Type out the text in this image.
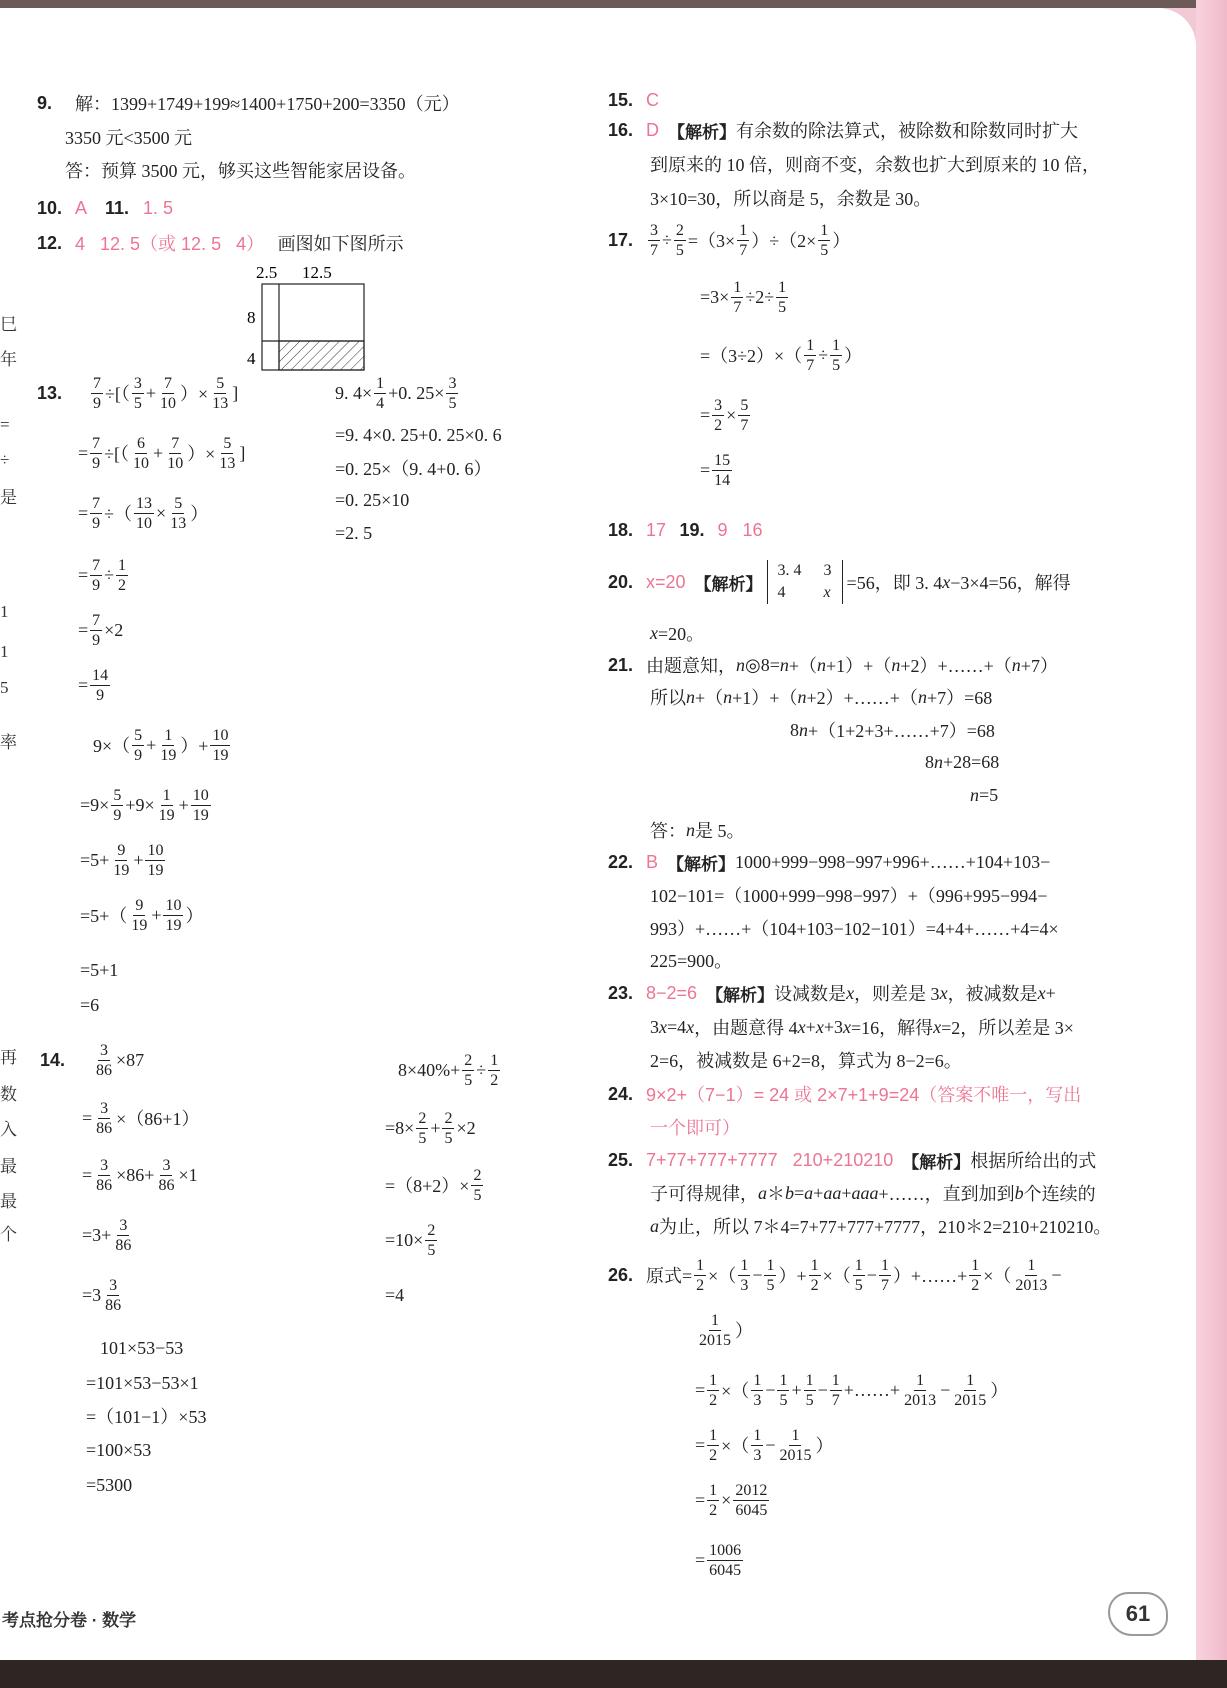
巳
年
=
÷
是
1
1
5
率
再
数
入
最
最
个
9.	解：1399+1749+199≈1400+1750+200=3350（元）
3350 元<3500 元
答：预算 3500 元，够买这些智能家居设备。
10. A
11. 1. 5
12. 4   12. 5（或 12. 5   4） 画图如下图所示
2.5 12.5
8
4
13.	$\frac{7}{9}$ ÷[（ $\frac{3}{5} + \frac{7}{10}$ ）× $\frac{5}{13}$ ]
= $\frac{7}{9}$ ÷[（ $\frac{6}{10} + \frac{7}{10}$ ）× $\frac{5}{13}$ ]
= $\frac{7}{9}$ ÷（ $\frac{13}{10} \times \frac{5}{13}$ ）
= $\frac{7}{9} \div \frac{1}{2}$
= $\frac{7}{9} \times 2$
= $\frac{14}{9}$
$9\times( \frac{5}{9} + \frac{1}{19}$ ）+ $\frac{10}{19}$
$=9\times \frac{5}{9} +9\times \frac{1}{19} + \frac{10}{19}$
$=5+ \frac{9}{19} + \frac{10}{19}$
$=5+( \frac{9}{19} + \frac{10}{19}$ ）
=5+1
=6
9. $4\times \frac{1}{4} +0$. $25\times \frac{3}{5}$
=9. 4×0. 25+0. 25×0. 6
=0. 25×（9. 4+0. 6）
=0. 25×10
=2. 5
14.	$\frac{3}{86} \times 87$
= $\frac{3}{86} \times(86+1)$
= $\frac{3}{86} \times 86+ \frac{3}{86} \times 1$
$=3+ \frac{3}{86}$
$=3 \frac{3}{86}$
101×53−53
=101×53−53×1
=（101−1）×53
=100×53
=5300
$8\times 40\%+ \frac{2}{5} \div \frac{1}{2}$
$=8\times \frac{2}{5} + \frac{2}{5} \times 2$
$=(8+2)\times \frac{2}{5}$
$=10\times \frac{2}{5}$
=4
15. C
16. D
【解析】 有余数的除法算式，被除数和除数同时扩大
到原来的 10 倍，则商不变，余数也扩大到原来的 10 倍，
3×10=30，所以商是 5，余数是 30。
17. $\frac{3}{7} \div \frac{2}{5} =(3\times \frac{1}{7} )\div(2\times \frac{1}{5}$ ）
$=3\times \frac{1}{7} \div 2\div \frac{1}{5}$
$=(3\div 2)\times( \frac{1}{7} \div \frac{1}{5}$ ）
= $\frac{3}{2} \times \frac{5}{7}$
= $\frac{15}{14}$
18. 17
19. 9   16
20. x=20
【解析】
3. 4 3
4	x =56，即 3. 4 x −3×4=56，解得
x =20。
21. 由题意知， n ◎8= n +（ n +1）+（ n +2）+……+（ n +7）
所以 n +（ n +1）+（ n +2）+……+（ n +7）=68
8 n +（1+2+3+……+7）=68
8 n +28=68
n =5
答： n 是 5。
22. B
【解析】 1000+999−998−997+996+……+104+103−
102−101=（1000+999−998−997）+（996+995−994−
993）+……+（104+103−102−101）=4+4+……+4=4×
225=900。
23. 8−2=6
【解析】 设减数是 x ，则差是 3 x ，被减数是 x +
3 x =4 x ，由题意得 4 x + x +3 x =16，解得 x =2，所以差是 3×
2=6，被减数是 6+2=8，算式为 8−2=6。
24. 9×2+（7−1）= 24 或 2×7+1+9=24（答案不唯一，写出
一个即可）
25. 7+77+777+7777   210+210210
【解析】 根据所给出的式
子可得规律， a ＊ b = a + aa + aaa +……，直到加到 b 个连续的
a 为止，所以 7＊4=7+77+777+7777，210＊2=210+210210。
26. 原式= $\frac{1}{2}$ ×（ $\frac{1}{3} - \frac{1}{5}$ ）+ $\frac{1}{2}$ ×（ $\frac{1}{5} - \frac{1}{7}$ ）+……+ $\frac{1}{2}$ ×（ $\frac{1}{2013}$ −
$\frac{1}{2015}$ ）
= $\frac{1}{2}$ ×（ $\frac{1}{3} - \frac{1}{5} + \frac{1}{5} - \frac{1}{7}$ +……+ $\frac{1}{2013} - \frac{1}{2015}$ ）
= $\frac{1}{2}$ ×（ $\frac{1}{3} - \frac{1}{2015}$ ）
= $\frac{1}{2} \times \frac{2012}{6045}$
= $\frac{1006}{6045}$
考点抢分卷 · 数学	61
